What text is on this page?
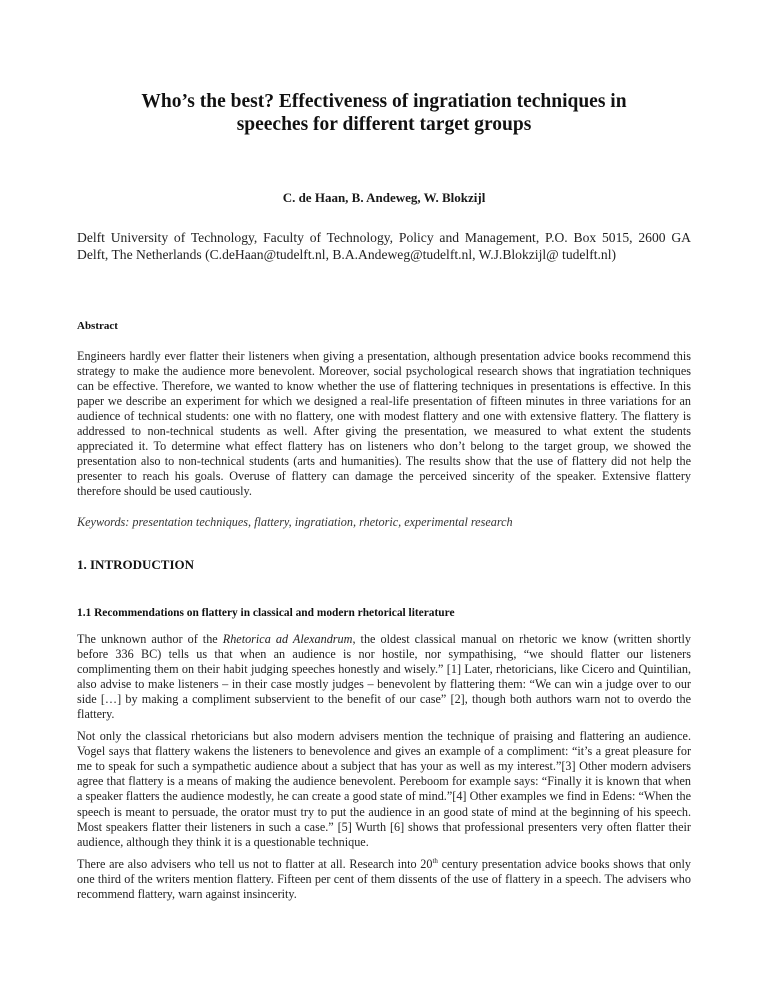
Who’s the best? Effectiveness of ingratiation techniques in
speeches for different target groups
C. de Haan, B. Andeweg, W. Blokzijl
Delft University of Technology, Faculty of Technology, Policy and Management, P.O. Box 5015, 2600 GA Delft, The Netherlands (C.deHaan@tudelft.nl, B.A.Andeweg@tudelft.nl, W.J.Blokzijl@ tudelft.nl)
Abstract
Engineers hardly ever flatter their listeners when giving a presentation, although presentation advice books recommend this strategy to make the audience more benevolent. Moreover, social psychological research shows that ingratiation techniques can be effective. Therefore, we wanted to know whether the use of flattering techniques in presentations is effective. In this paper we describe an experiment for which we designed a real-life presentation of fifteen minutes in three variations for an audience of technical students: one with no flattery, one with modest flattery and one with extensive flattery. The flattery is addressed to non-technical students as well. After giving the presentation, we measured to what extent the students appreciated it. To determine what effect flattery has on listeners who don’t belong to the target group, we showed the presentation also to non-technical students (arts and humanities). The results show that the use of flattery did not help the presenter to reach his goals. Overuse of flattery can damage the perceived sincerity of the speaker. Extensive flattery therefore should be used cautiously.
Keywords: presentation techniques, flattery, ingratiation, rhetoric, experimental research
1. INTRODUCTION
1.1 Recommendations on flattery in classical and modern rhetorical literature

The unknown author of the Rhetorica ad Alexandrum, the oldest classical manual on rhetoric we know (written shortly before 336 BC) tells us that when an audience is nor hostile, nor sympathising, “we should flatter our listeners complimenting them on their habit judging speeches honestly and wisely.” [1] Later, rhetoricians, like Cicero and Quintilian, also advise to make listeners – in their case mostly judges – benevolent by flattering them: “We can win a judge over to our side […] by making a compliment subservient to the benefit of our case” [2], though both authors warn not to overdo the flattery.

Not only the classical rhetoricians but also modern advisers mention the technique of praising and flattering an audience. Vogel says that flattery wakens the listeners to benevolence and gives an example of a compliment: “it’s a great pleasure for me to speak for such a sympathetic audience about a subject that has your as well as my interest.”[3] Other modern advisers agree that flattery is a means of making the audience benevolent. Pereboom for example says: “Finally it is known that when a speaker flatters the audience modestly, he can create a good state of mind.”[4] Other examples we find in Edens: “When the speech is meant to persuade, the orator must try to put the audience in an good state of mind at the beginning of his speech. Most speakers flatter their listeners in such a case.” [5] Wurth [6] shows that professional presenters very often flatter their audience, although they think it is a questionable technique.

There are also advisers who tell us not to flatter at all. Research into 20th century presentation advice books shows that only one third of the writers mention flattery. Fifteen per cent of them dissents of the use of flattery in a speech. The advisers who recommend flattery, warn against insincerity.
